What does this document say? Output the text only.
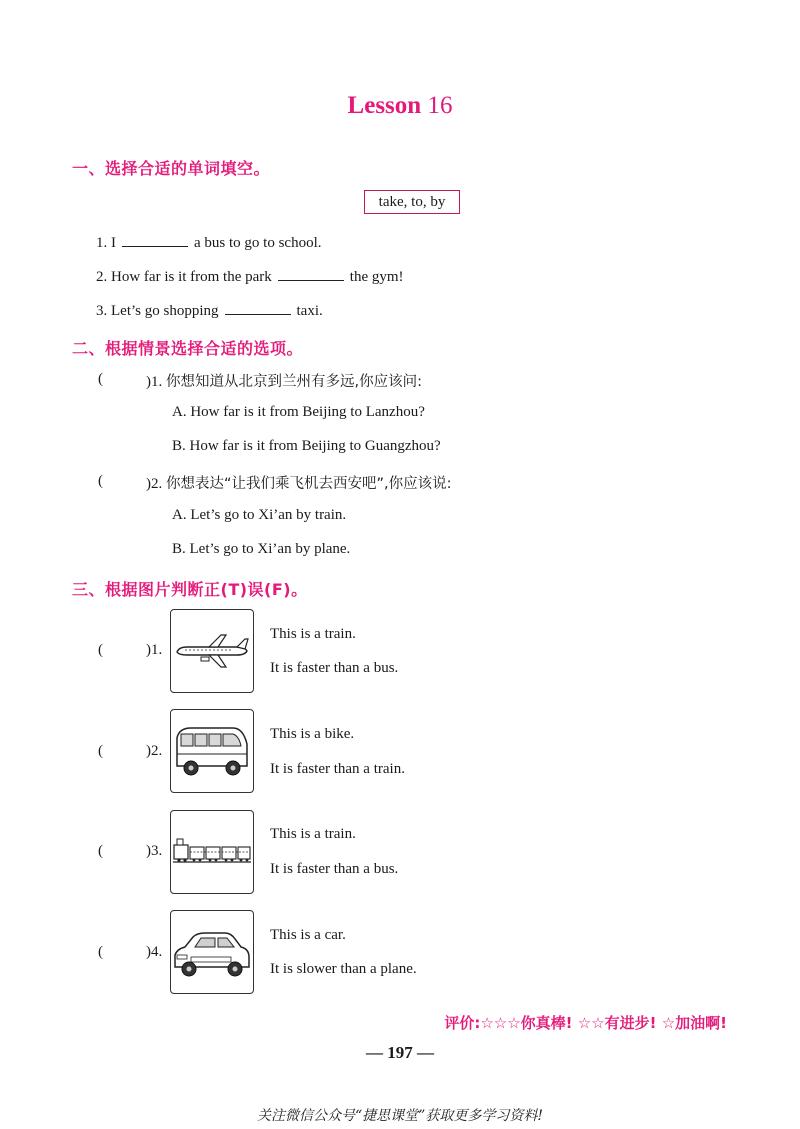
Lesson 16
一、选择合适的单词填空。
take, to, by
1. I	a bus to go to school.
2. How far is it from the park	the gym!
3. Let’s go shopping	taxi.
二、根据情景选择合适的选项。
(	)1. 你想知道从北京到兰州有多远,你应该问:
A. How far is it from Beijing to Lanzhou?
B. How far is it from Beijing to Guangzhou?
(	)2. 你想表达“让我们乘飞机去西安吧”,你应该说:
A. Let’s go to Xi’an by train.
B. Let’s go to Xi’an by plane.
三、根据图片判断正(T)误(F)。
(	)1.
This is a train.
It is faster than a bus.
(	)2.
This is a bike.
It is faster than a train.
(	)3.
This is a train.
It is faster than a bus.
(	)4.
This is a car.
It is slower than a plane.
评价:☆☆☆你真棒! ☆☆有进步! ☆加油啊!
— 197 —
关注微信公众号“捷思课堂”获取更多学习资料!
